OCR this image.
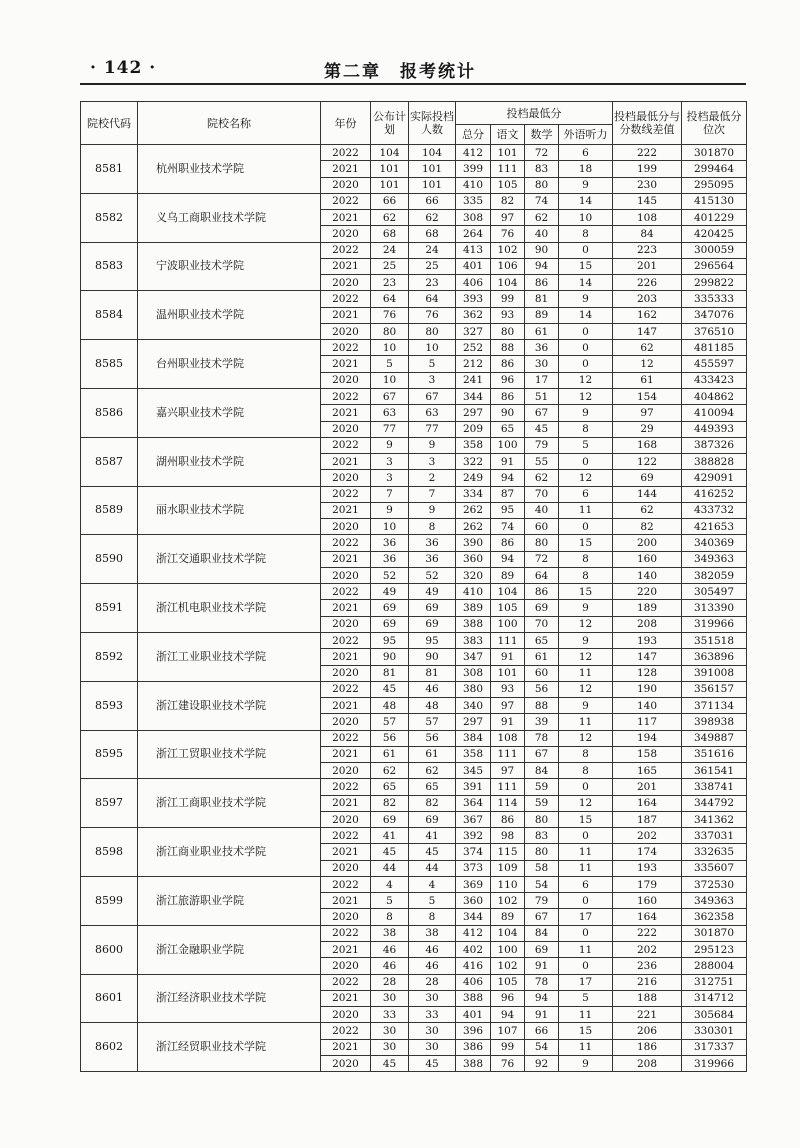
· 142 ·	第二章　报考统计
院校代码	院校名称	年份	公布计划	实际投档人数	投档最低分				投档最低分与分数线差值	投档最低分位次
					总分	语文	数学	外语听力		
8581	杭州职业技术学院	2022	104	104	412	101	72	6	222	301870
		2021	101	101	399	111	83	18	199	299464
		2020	101	101	410	105	80	9	230	295095
8582	义乌工商职业技术学院	2022	66	66	335	82	74	14	145	415130
		2021	62	62	308	97	62	10	108	401229
		2020	68	68	264	76	40	8	84	420425
8583	宁波职业技术学院	2022	24	24	413	102	90	0	223	300059
		2021	25	25	401	106	94	15	201	296564
		2020	23	23	406	104	86	14	226	299822
8584	温州职业技术学院	2022	64	64	393	99	81	9	203	335333
		2021	76	76	362	93	89	14	162	347076
		2020	80	80	327	80	61	0	147	376510
8585	台州职业技术学院	2022	10	10	252	88	36	0	62	481185
		2021	5	5	212	86	30	0	12	455597
		2020	10	3	241	96	17	12	61	433423
8586	嘉兴职业技术学院	2022	67	67	344	86	51	12	154	404862
		2021	63	63	297	90	67	9	97	410094
		2020	77	77	209	65	45	8	29	449393
8587	湖州职业技术学院	2022	9	9	358	100	79	5	168	387326
		2021	3	3	322	91	55	0	122	388828
		2020	3	2	249	94	62	12	69	429091
8589	丽水职业技术学院	2022	7	7	334	87	70	6	144	416252
		2021	9	9	262	95	40	11	62	433732
		2020	10	8	262	74	60	0	82	421653
8590	浙江交通职业技术学院	2022	36	36	390	86	80	15	200	340369
		2021	36	36	360	94	72	8	160	349363
		2020	52	52	320	89	64	8	140	382059
8591	浙江机电职业技术学院	2022	49	49	410	104	86	15	220	305497
		2021	69	69	389	105	69	9	189	313390
		2020	69	69	388	100	70	12	208	319966
8592	浙江工业职业技术学院	2022	95	95	383	111	65	9	193	351518
		2021	90	90	347	91	61	12	147	363896
		2020	81	81	308	101	60	11	128	391008
8593	浙江建设职业技术学院	2022	45	46	380	93	56	12	190	356157
		2021	48	48	340	97	88	9	140	371134
		2020	57	57	297	91	39	11	117	398938
8595	浙江工贸职业技术学院	2022	56	56	384	108	78	12	194	349887
		2021	61	61	358	111	67	8	158	351616
		2020	62	62	345	97	84	8	165	361541
8597	浙江工商职业技术学院	2022	65	65	391	111	59	0	201	338741
		2021	82	82	364	114	59	12	164	344792
		2020	69	69	367	86	80	15	187	341362
8598	浙江商业职业技术学院	2022	41	41	392	98	83	0	202	337031
		2021	45	45	374	115	80	11	174	332635
		2020	44	44	373	109	58	11	193	335607
8599	浙江旅游职业学院	2022	4	4	369	110	54	6	179	372530
		2021	5	5	360	102	79	0	160	349363
		2020	8	8	344	89	67	17	164	362358
8600	浙江金融职业学院	2022	38	38	412	104	84	0	222	301870
		2021	46	46	402	100	69	11	202	295123
		2020	46	46	416	102	91	0	236	288004
8601	浙江经济职业技术学院	2022	28	28	406	105	78	17	216	312751
		2021	30	30	388	96	94	5	188	314712
		2020	33	33	401	94	91	11	221	305684
8602	浙江经贸职业技术学院	2022	30	30	396	107	66	15	206	330301
		2021	30	30	386	99	54	11	186	317337
		2020	45	45	388	76	92	9	208	319966
